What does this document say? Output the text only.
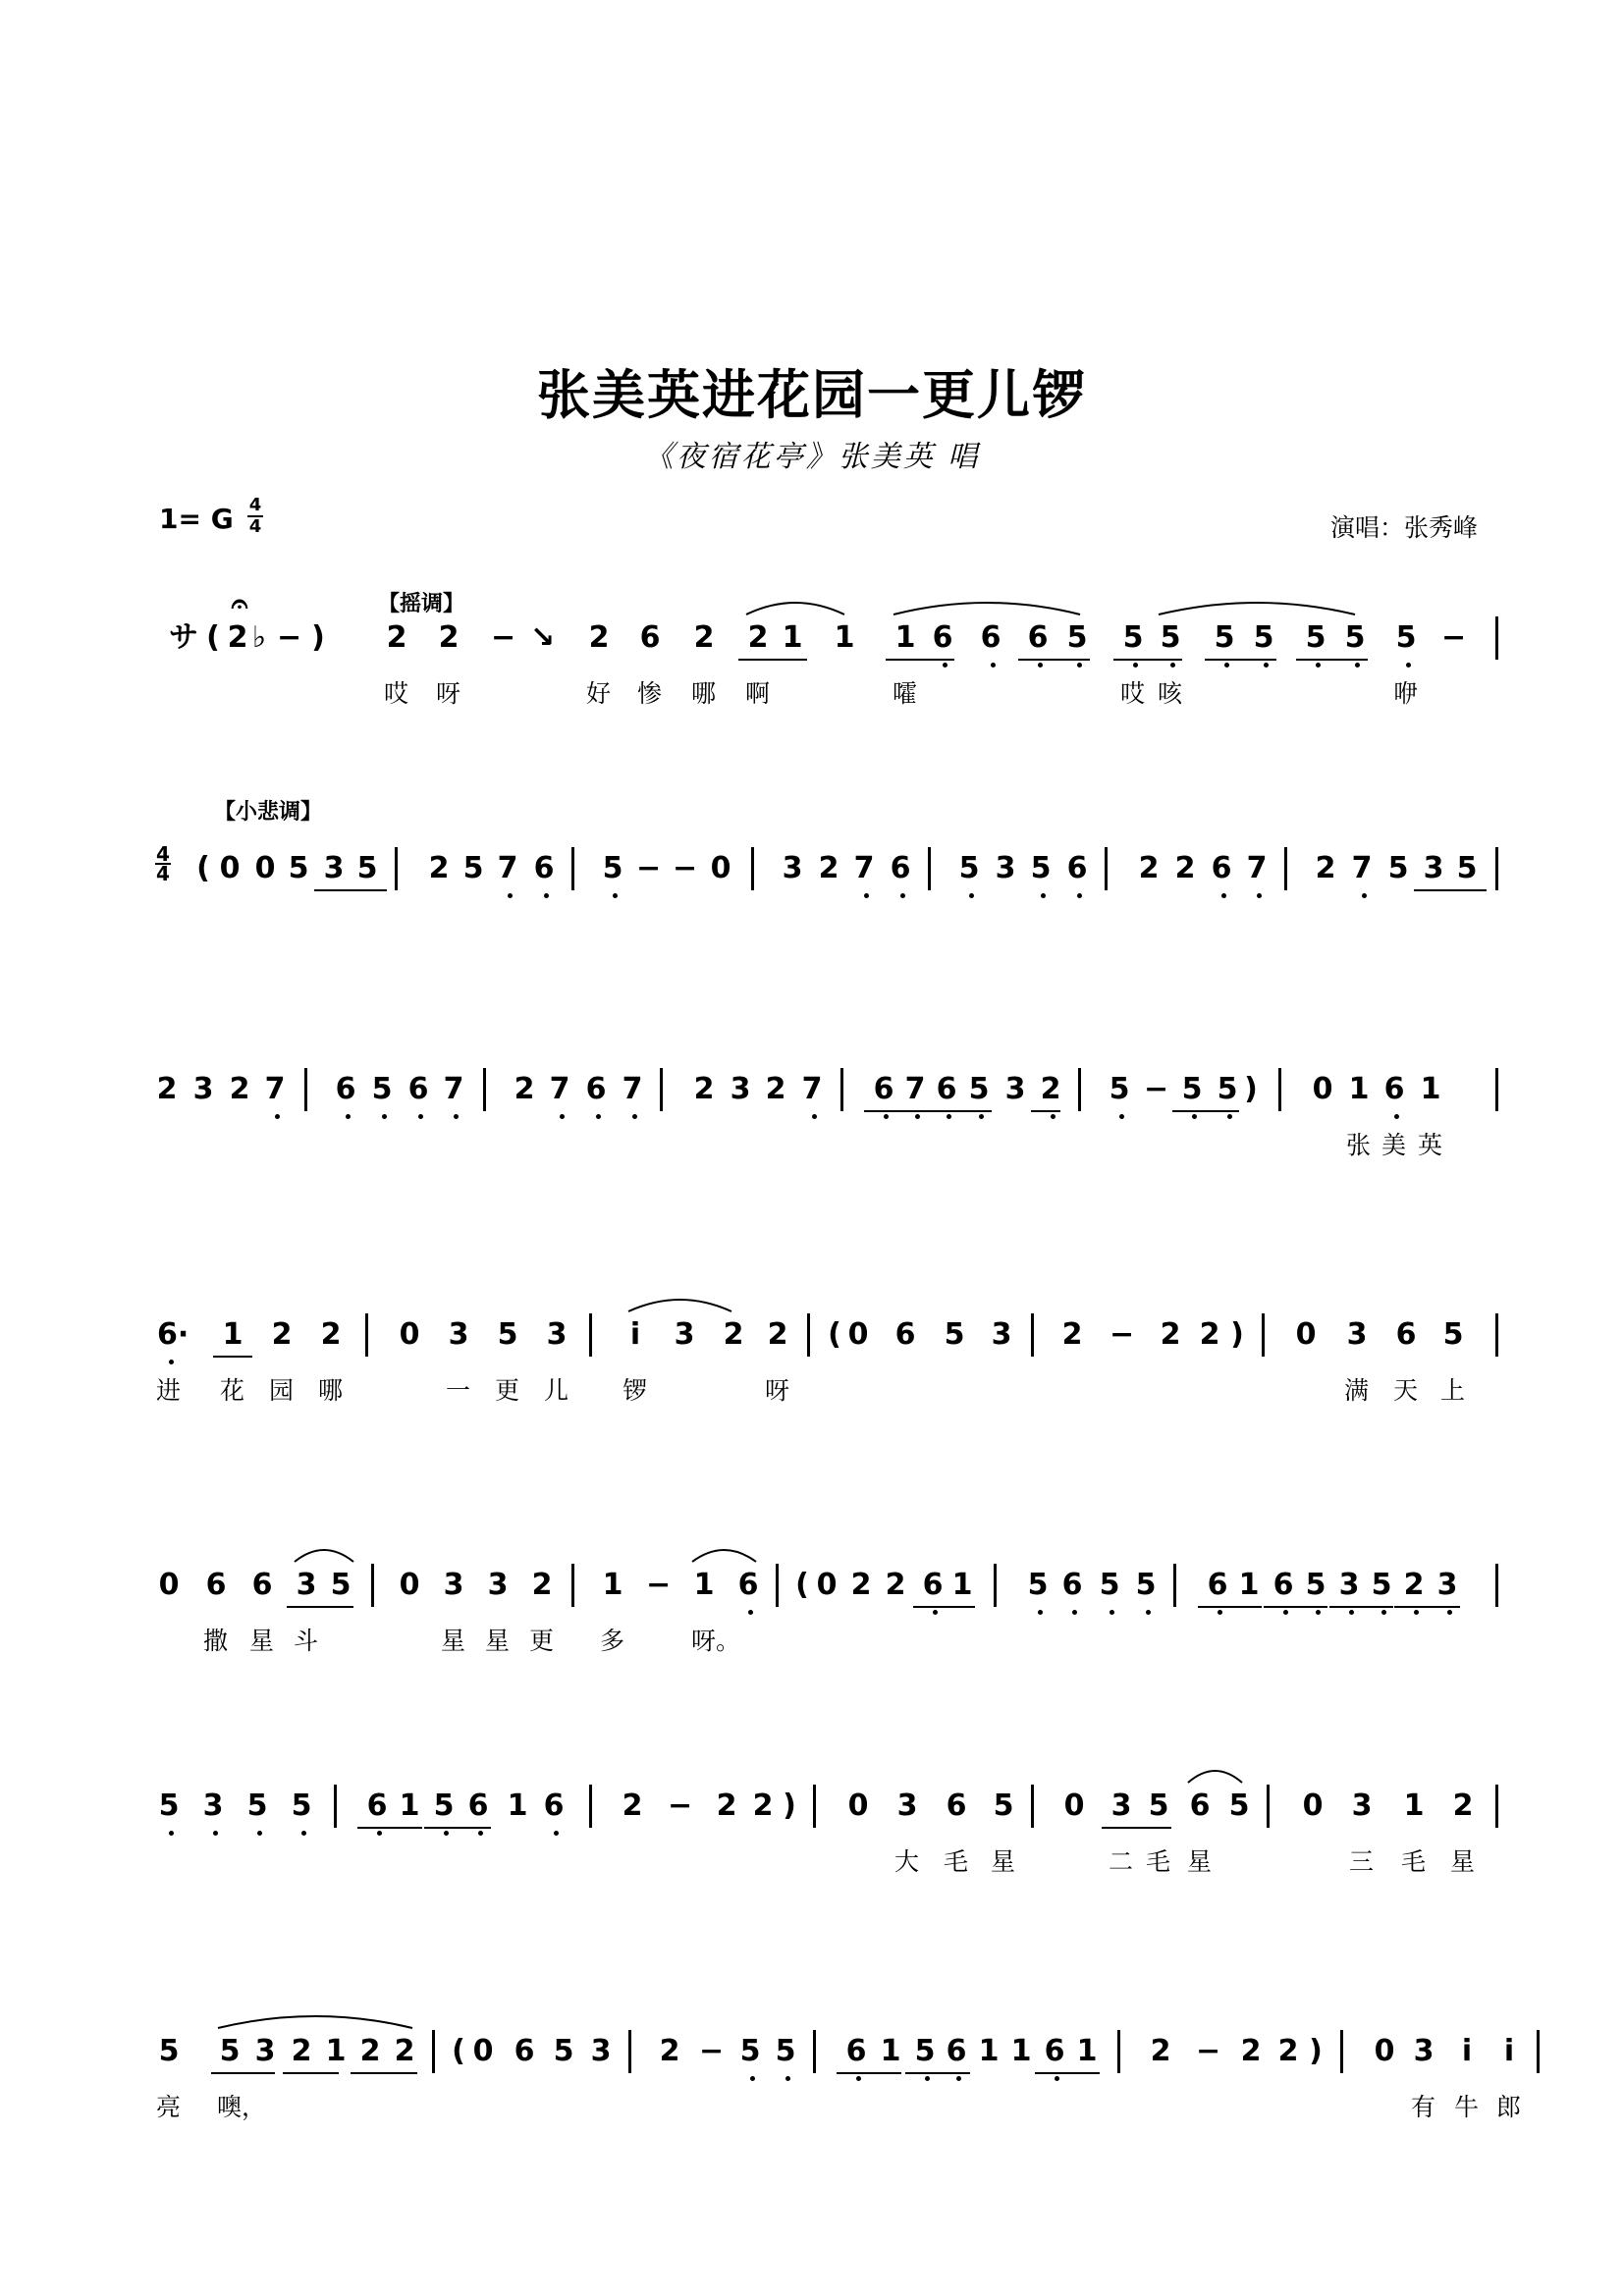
张美英进花园一更儿锣
《夜宿花亭》张美英 唱
1= G 4
4	演唱：张秀峰
サ ( 2 ♭ − ) 2 2 − ↘ 2 6 2 2 1 1 1 6 6 6 5 5 5 5 5 5 5 5 −
哎 呀	好 惨 哪 啊	嚯	哎 咳	咿
【摇调】
𝄐
( 0 0 5 3 5 2 5 7 6 5 − − 0 3 2 7 6 5 3 5 6 2 2 6 7 2 7 5 3 5
4
4
【小悲调】
2 3 2 7 6 5 6 7 2 7 6 7 2 3 2 7 6 7 6 5 3 2 5 − 5 5 ) 0 1 6 1
张 美 英
6· 1 2 2 0 3 5 3 i 3 2 2 ( 0 6 5 3 2 − 2 2 ) 0 3 6 5
进 花 园 哪	一 更 儿 锣	呀	满 天 上
0 6 6 3 5 0 3 3 2 1 − 1 6 ( 0 2 2 6 1 5 6 5 5 6 1 6 5 3 5 2 3
撒 星 斗	星 星 更 多	呀。
5 3 5 5 6 1 5 6 1 6 2 − 2 2 ) 0 3 6 5 0 3 5 6 5 0 3 1 2
大 毛 星	二 毛 星	三 毛 星
5 5 3 2 1 2 2 ( 0 6 5 3 2 − 5 5 6 1 5 6 1 1 6 1 2 − 2 2 ) 0 3 i i
亮 噢，	有 牛 郎
